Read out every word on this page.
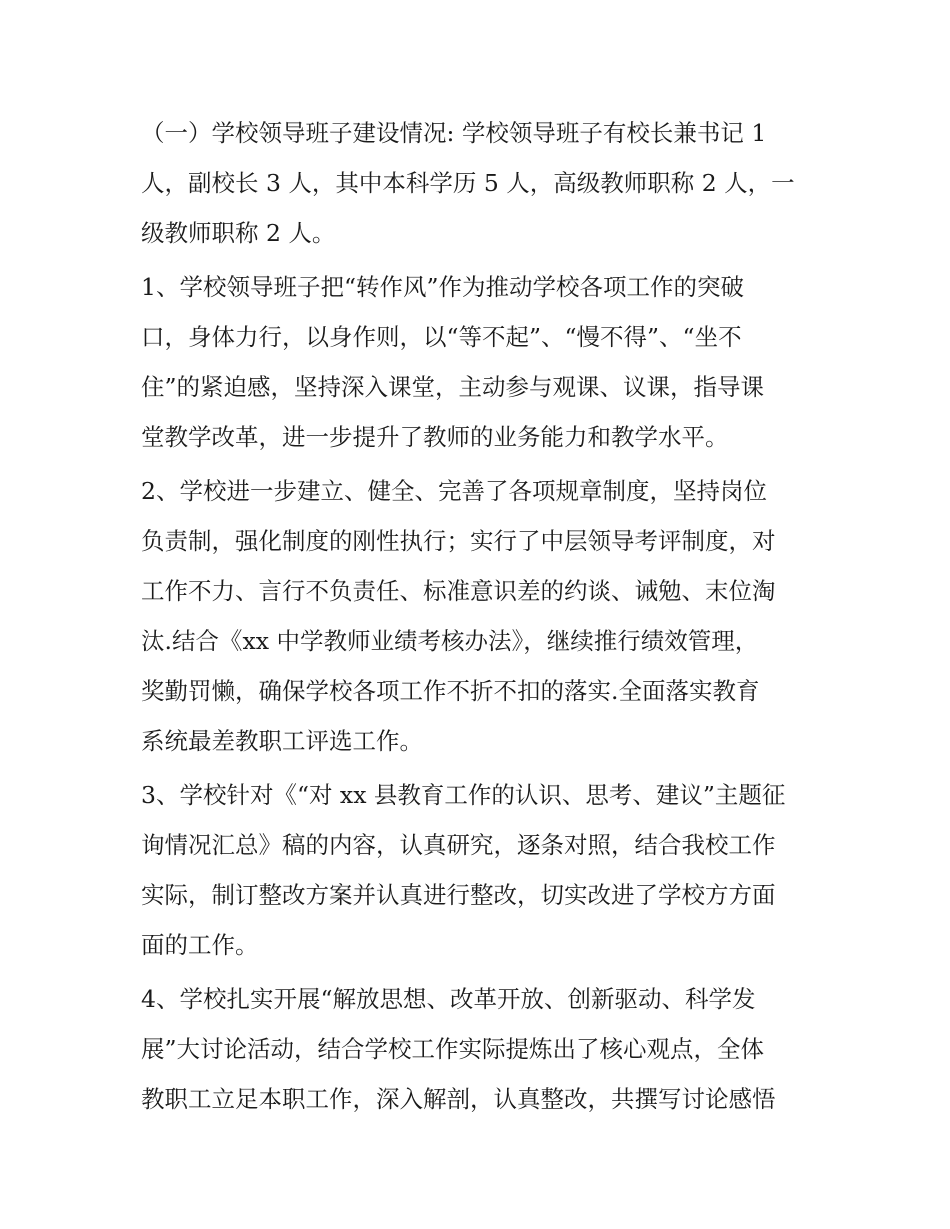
（一）学校领导班子建设情况: 学校领导班子有校长兼书记 1
人，副校长 3 人，其中本科学历 5 人，高级教师职称 2 人，一
级教师职称 2 人。
1、学校领导班子把“转作风”作为推动学校各项工作的突破
口，身体力行，以身作则，以“等不起”、“慢不得”、“坐不
住”的紧迫感，坚持深入课堂，主动参与观课、议课，指导课
堂教学改革，进一步提升了教师的业务能力和教学水平。
2、学校进一步建立、健全、完善了各项规章制度，坚持岗位
负责制，强化制度的刚性执行；实行了中层领导考评制度，对
工作不力、言行不负责任、标准意识差的约谈、诫勉、末位淘
汰.结合《xx 中学教师业绩考核办法》，继续推行绩效管理，
奖勤罚懒，确保学校各项工作不折不扣的落实.全面落实教育
系统最差教职工评选工作。
3、学校针对《“对 xx 县教育工作的认识、思考、建议”主题征
询情况汇总》稿的内容，认真研究，逐条对照，结合我校工作
实际，制订整改方案并认真进行整改，切实改进了学校方方面
面的工作。
4、学校扎实开展“解放思想、改革开放、创新驱动、科学发
展”大讨论活动，结合学校工作实际提炼出了核心观点，全体
教职工立足本职工作，深入解剖，认真整改，共撰写讨论感悟
